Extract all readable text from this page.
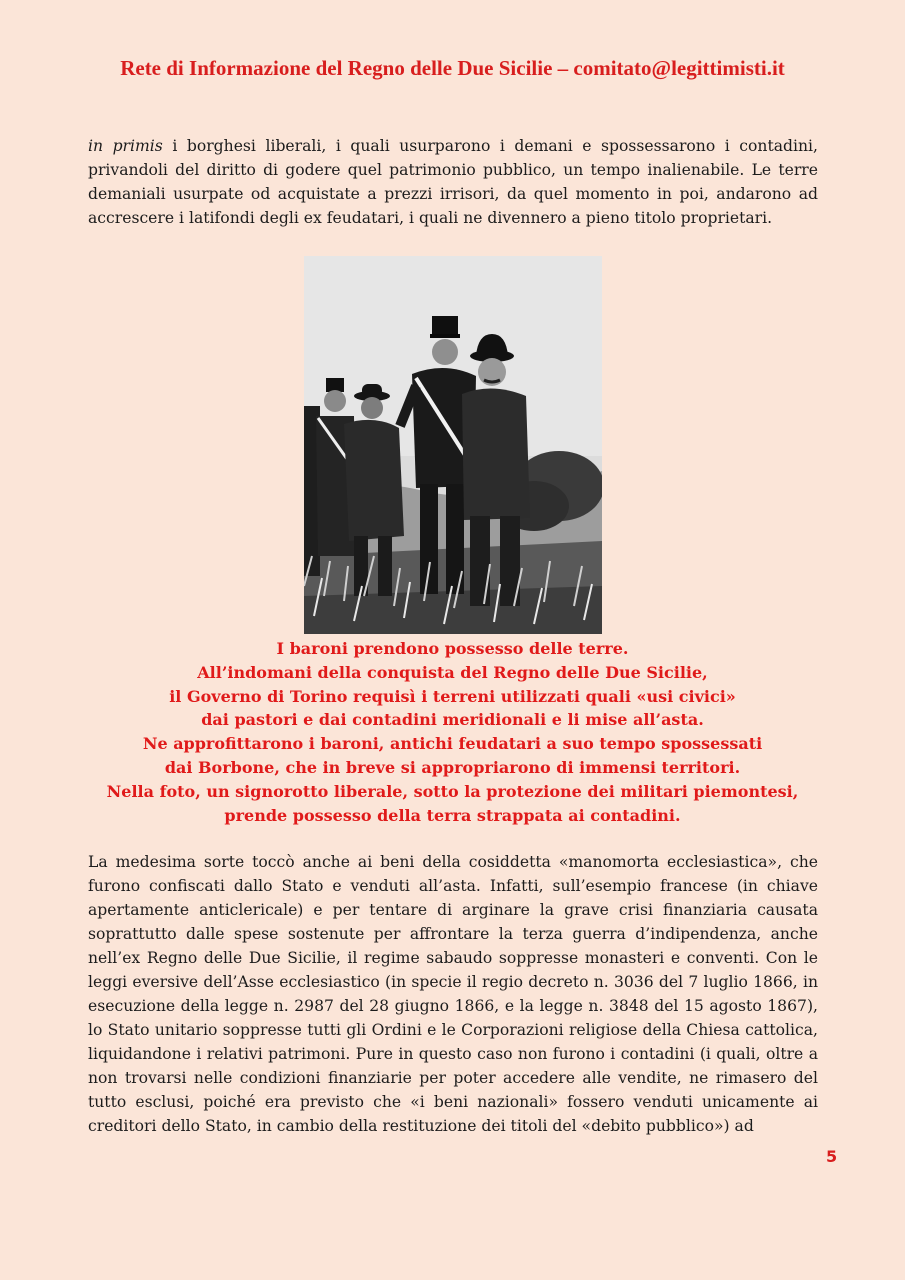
Rete di Informazione del Regno delle Due Sicilie – comitato@legittimisti.it

in primis i borghesi liberali, i quali usurparono i demani e spossessarono i contadini, privandoli del diritto di godere quel patrimonio pubblico, un tempo inalienabile. Le terre demaniali usurpate od acquistate a prezzi irrisori, da quel momento in poi, andarono ad accrescere i latifondi degli ex feudatari, i quali ne divennero a pieno titolo proprietari.

I baroni prendono possesso delle terre.
All’indomani della conquista del Regno delle Due Sicilie,
il Governo di Torino requisì i terreni utilizzati quali «usi civici»
dai pastori e dai contadini meridionali e li mise all’asta.
Ne approfittarono i baroni, antichi feudatari a suo tempo spossessati
dai Borbone, che in breve si appropriarono di immensi territori.
Nella foto, un signorotto liberale, sotto la protezione dei militari piemontesi,
prende possesso della terra strappata ai contadini.

La medesima sorte toccò anche ai beni della cosiddetta «manomorta ecclesiastica», che furono confiscati dallo Stato e venduti all’asta. Infatti, sull’esempio francese (in chiave apertamente anticlericale) e per tentare di arginare la grave crisi finanziaria causata soprattutto dalle spese sostenute per affrontare la terza guerra d’indipendenza, anche nell’ex Regno delle Due Sicilie, il regime sabaudo soppresse monasteri e conventi. Con le leggi eversive dell’Asse ecclesiastico (in specie il regio decreto n. 3036 del 7 luglio 1866, in esecuzione della legge n. 2987 del 28 giugno 1866, e la legge n. 3848 del 15 agosto 1867), lo Stato unitario soppresse tutti gli Ordini e le Corporazioni religiose della Chiesa cattolica, liquidandone i relativi patrimoni. Pure in questo caso non furono i contadini (i quali, oltre a non trovarsi nelle condizioni finanziarie per poter accedere alle vendite, ne rimasero del tutto esclusi, poiché era previsto che «i beni nazionali» fossero venduti unicamente ai creditori dello Stato, in cambio della restituzione dei titoli del «debito pubblico») ad

5
